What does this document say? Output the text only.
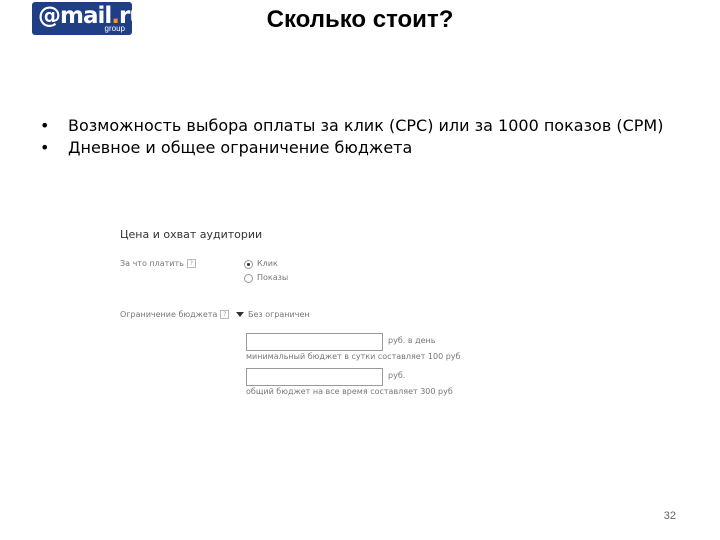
@mail.ru
group	Сколько стоит?
•	Возможность выбора оплаты за клик (CPC) или за 1000 показов (CPM)
•	Дневное и общее ограничение бюджета
Цена и охват аудитории
За что платить ?	Клик
Показы
Ограничение бюджета ?	Без ограничен
руб. в день
минимальный бюджет в сутки составляет 100 руб
руб.
общий бюджет на все время составляет 300 руб
32
